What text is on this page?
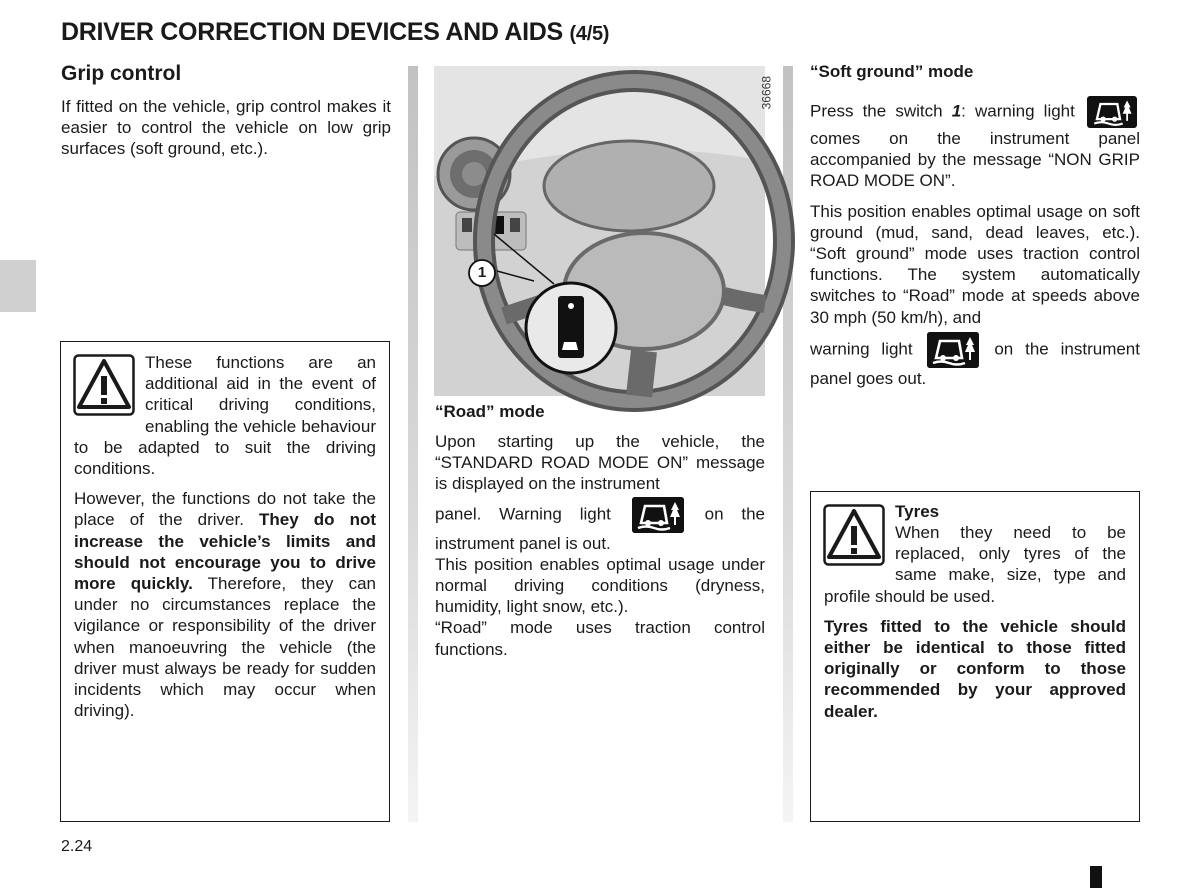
DRIVER CORRECTION DEVICES AND AIDS (4/5)
Grip control

If fitted on the vehicle, grip control makes it easier to control the vehicle on low grip surfaces (soft ground, etc.).

These functions are an additional aid in the event of critical driving conditions, enabling the vehicle behaviour to be adapted to suit the driving conditions.

However, the functions do not take the place of the driver. They do not increase the vehicle’s limits and should not encourage you to drive more quickly. Therefore, they can under no circumstances replace the vigilance or responsibility of the driver when manoeuvring the vehicle (the driver must always be ready for sudden incidents which may occur when driving).

1
36668

“Road” mode

Upon starting up the vehicle, the “STANDARD ROAD MODE ON” message is displayed on the instrument

panel. Warning light	on the instrument panel is out.

This position enables optimal usage under normal driving conditions (dryness, humidity, light snow, etc.).

“Road” mode uses traction control functions.

“Soft ground” mode

Press the switch 1: warning light
comes on the instrument panel accompanied by the message “NON GRIP ROAD MODE ON”.

This position enables optimal usage on soft ground (mud, sand, dead leaves, etc.). “Soft ground” mode uses traction control functions. The system automatically switches to “Road” mode at speeds above 30 mph (50 km/h), and

warning light	on the instrument panel goes out.

Tyres

When they need to be replaced, only tyres of the same make, size, type and profile should be used.

Tyres fitted to the vehicle should either be identical to those fitted originally or conform to those recommended by your approved dealer.

2.24
